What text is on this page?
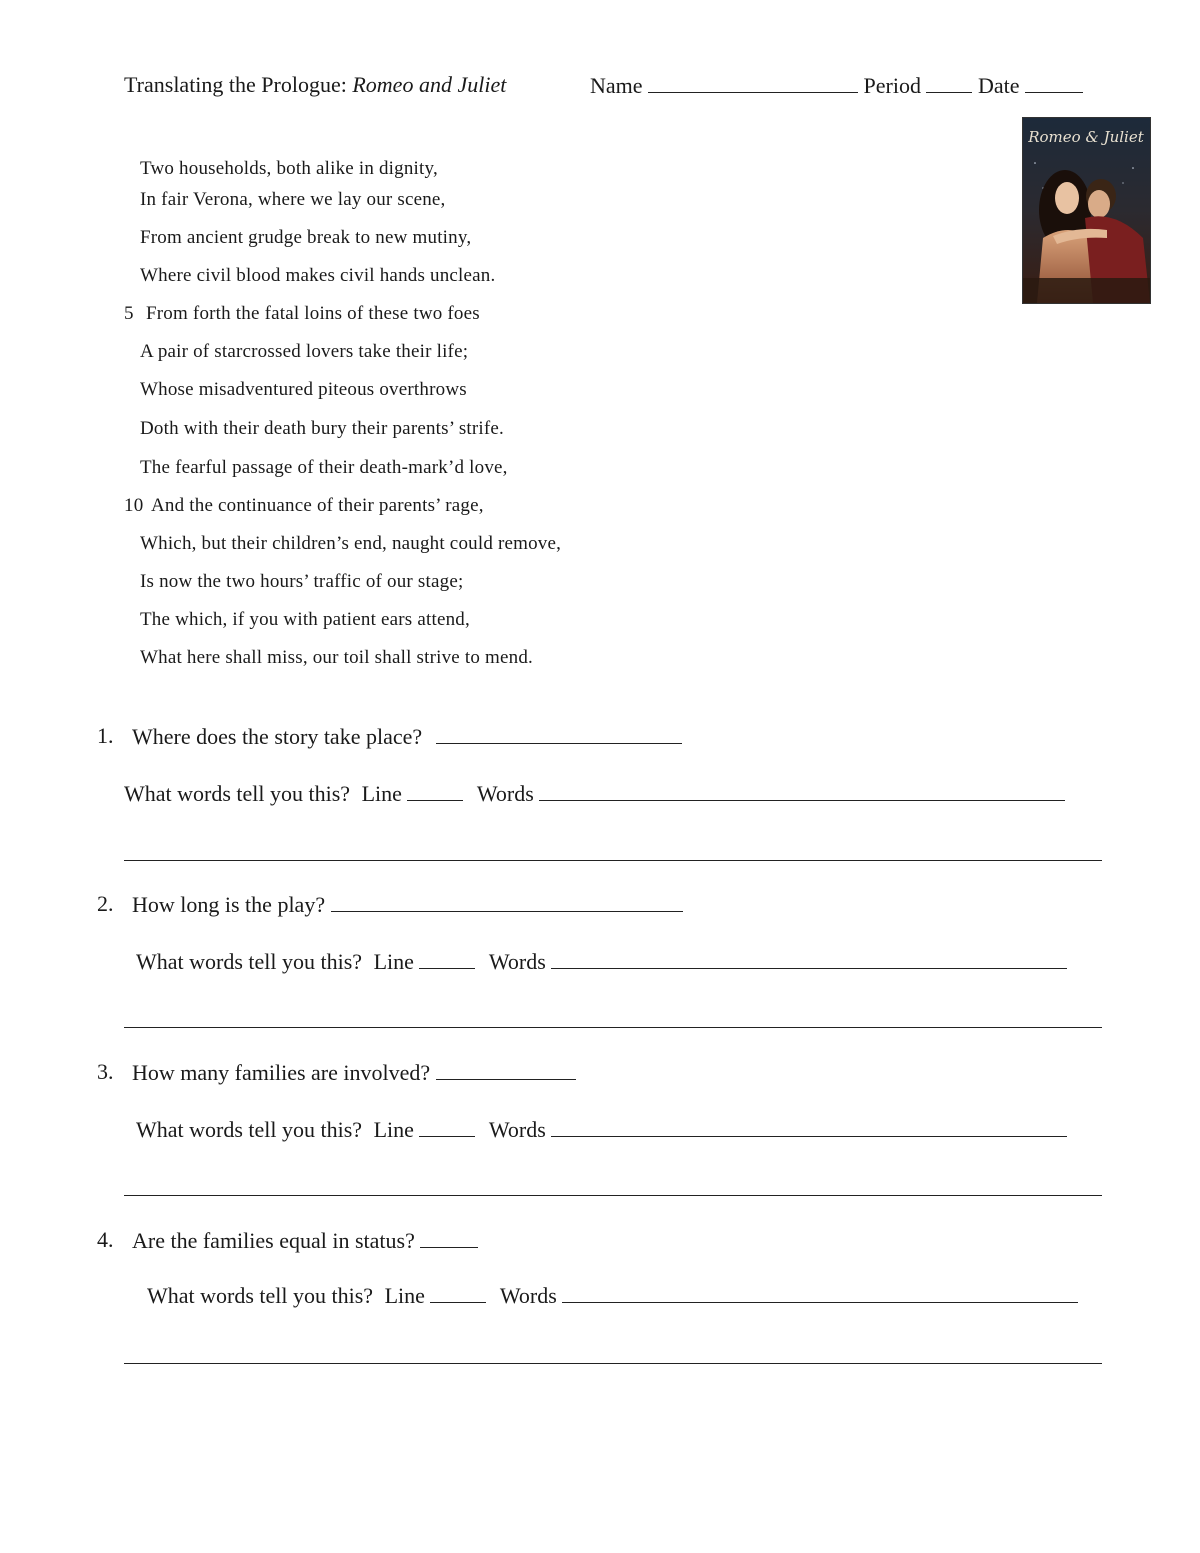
Translating the Prologue: Romeo and Juliet	Name	Period	Date
Romeo & Juliet
Two households, both alike in dignity,
In fair Verona, where we lay our scene,
From ancient grudge break to new mutiny,
Where civil blood makes civil hands unclean.
5 From forth the fatal loins of these two foes
A pair of starcrossed lovers take their life;
Whose misadventured piteous overthrows
Doth with their death bury their parents’ strife.
The fearful passage of their death-mark’d love,
10 And the continuance of their parents’ rage,
Which, but their children’s end, naught could remove,
Is now the two hours’ traffic of our stage;
The which, if you with patient ears attend,
What here shall miss, our toil shall strive to mend.
1. Where does the story take place?
What words tell you this? Line	Words
2. How long is the play?
What words tell you this? Line	Words
3. How many families are involved?
What words tell you this? Line	Words
4. Are the families equal in status?
What words tell you this? Line	Words
